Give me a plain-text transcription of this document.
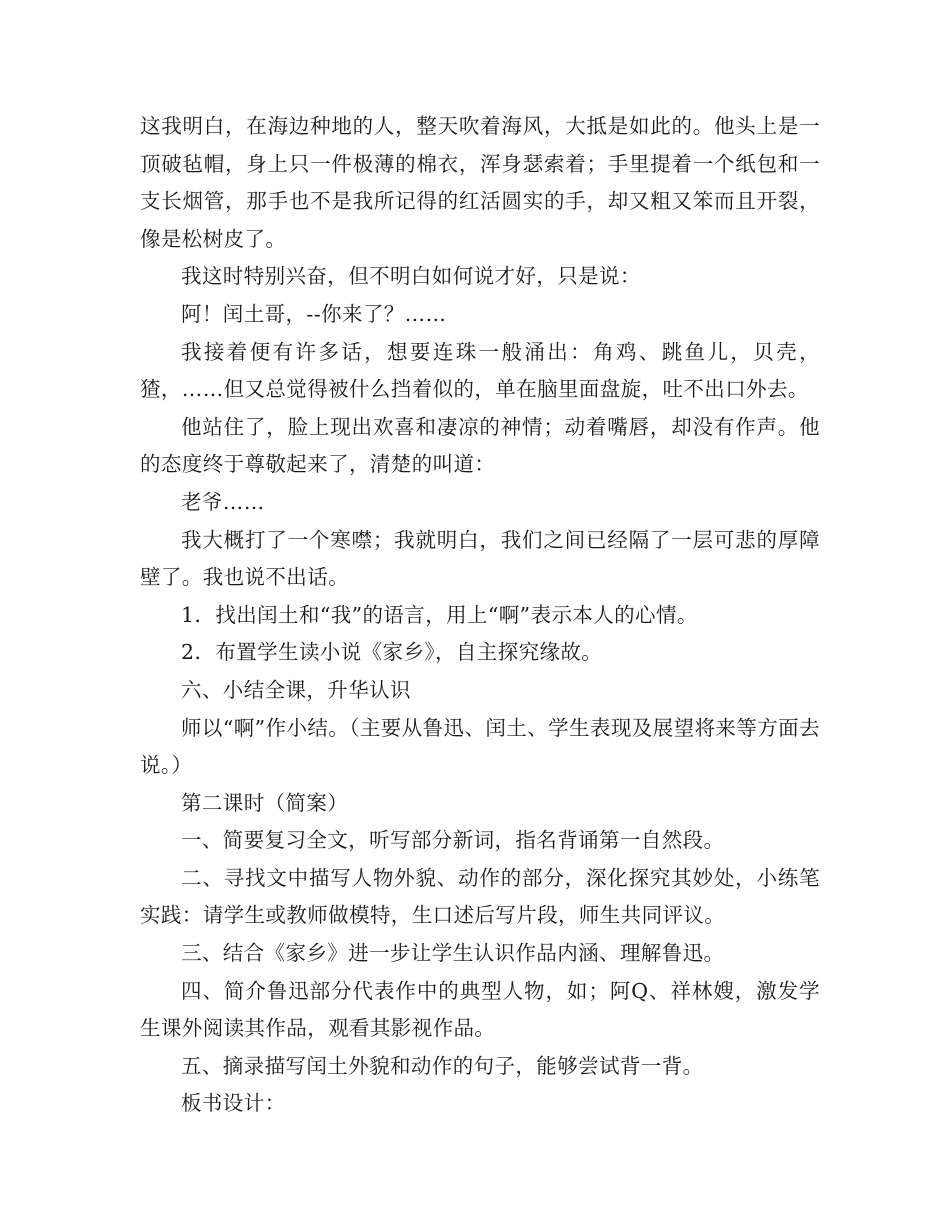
这我明白，在海边种地的人，整天吹着海风，大抵是如此的。他头上是一顶破毡帽，身上只一件极薄的棉衣，浑身瑟索着；手里提着一个纸包和一支长烟管，那手也不是我所记得的红活圆实的手，却又粗又笨而且开裂，像是松树皮了。

我这时特别兴奋，但不明白如何说才好，只是说：

阿！闰土哥，--你来了？……

我接着便有许多话，想要连珠一般涌出：角鸡、跳鱼儿，贝壳，猹，……但又总觉得被什么挡着似的，单在脑里面盘旋，吐不出口外去。

他站住了，脸上现出欢喜和凄凉的神情；动着嘴唇，却没有作声。他的态度终于尊敬起来了，清楚的叫道：

老爷……

我大概打了一个寒噤；我就明白，我们之间已经隔了一层可悲的厚障壁了。我也说不出话。

1．找出闰土和“我”的语言，用上“啊”表示本人的心情。

2．布置学生读小说《家乡》，自主探究缘故。

六、小结全课，升华认识

师以“啊”作小结。（主要从鲁迅、闰土、学生表现及展望将来等方面去说。）

第二课时（简案）

一、简要复习全文，听写部分新词，指名背诵第一自然段。

二、寻找文中描写人物外貌、动作的部分，深化探究其妙处，小练笔实践：请学生或教师做模特，生口述后写片段，师生共同评议。

三、结合《家乡》进一步让学生认识作品内涵、理解鲁迅。

四、简介鲁迅部分代表作中的典型人物，如；阿Q、祥林嫂，激发学生课外阅读其作品，观看其影视作品。

五、摘录描写闰土外貌和动作的句子，能够尝试背一背。

板书设计：
